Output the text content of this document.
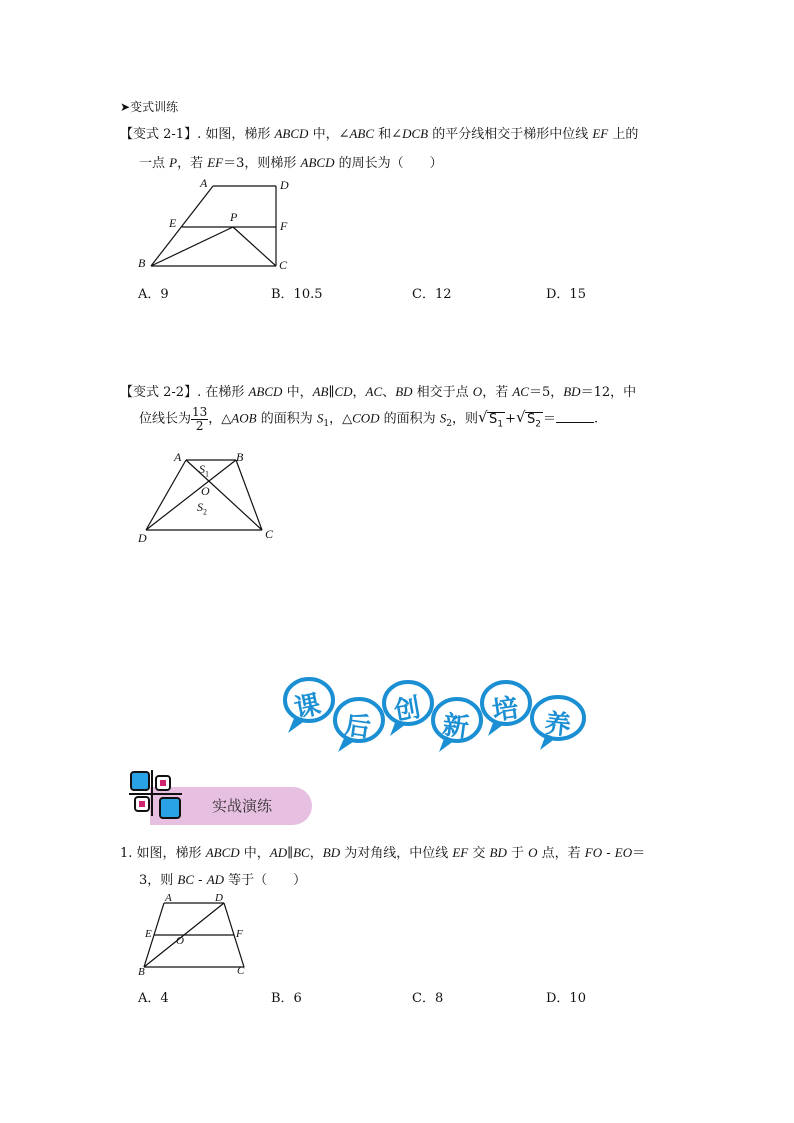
➤变式训练
【变式 2-1】. 如图，梯形 ABCD 中，∠ABC 和∠DCB 的平分线相交于梯形中位线 EF 上的
一点 P，若 EF＝3，则梯形 ABCD 的周长为（　　）
A	D
E	P
F
B	C
A．9	B．10.5	C．12	D．15
【变式 2-2】. 在梯形 ABCD 中，AB∥CD，AC、BD 相交于点 O，若 AC＝5，BD＝12，中
位线长为 $\frac{13}{2}$ ，△AOB 的面积为 $S_1$，△COD 的面积为 $S_2$，则 √ $S_1$ + √ $S_2$ ＝	.
A	B
$S_1$
O
$S_2$
D	C
课
后 创 新
培 养
实战演练
1. 如图，梯形 ABCD 中，AD∥BC，BD 为对角线，中位线 EF 交 BD 于 O 点，若 FO - EO＝
3，则 BC - AD 等于（　　）
A	D
E
O
F
B	C
A．4	B．6	C．8	D．10
